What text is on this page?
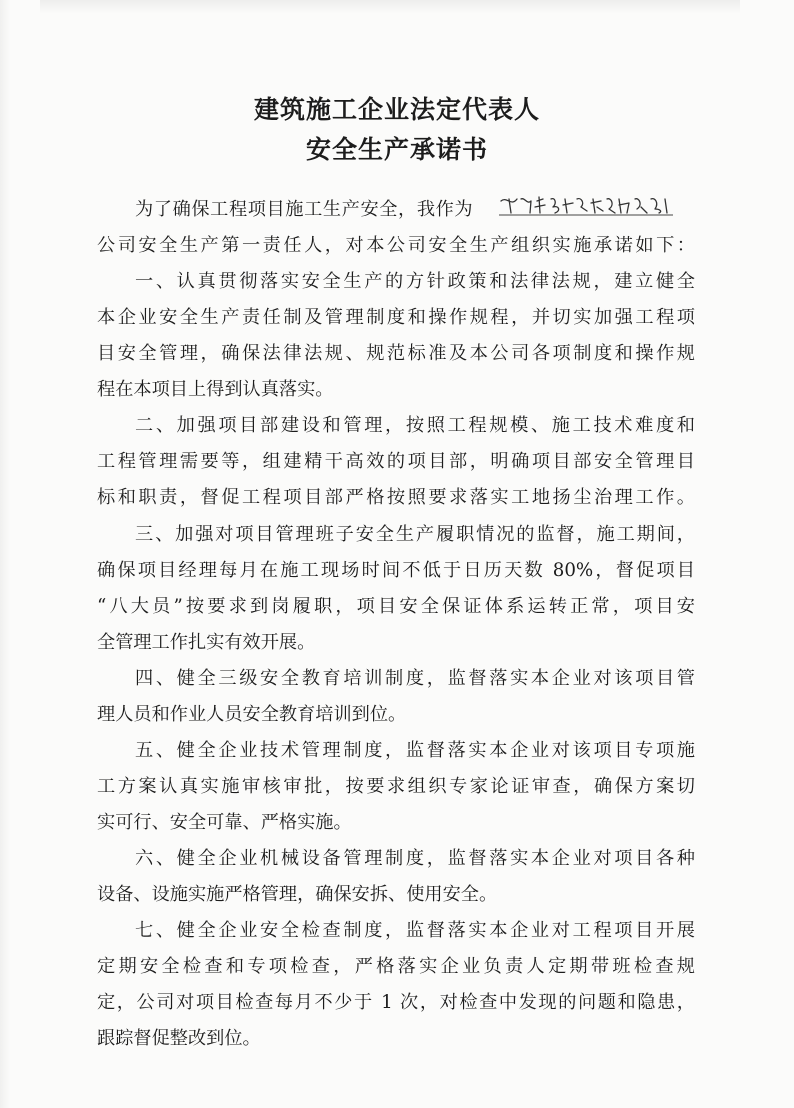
建筑施工企业法定代表人
安全生产承诺书

为了确保工程项目施工生产安全，我作为

公司安全生产第一责任人，对本公司安全生产组织实施承诺如下：

一、认真贯彻落实安全生产的方针政策和法律法规，建立健全

本企业安全生产责任制及管理制度和操作规程，并切实加强工程项

目安全管理，确保法律法规、规范标准及本公司各项制度和操作规

程在本项目上得到认真落实。

二、加强项目部建设和管理，按照工程规模、施工技术难度和

工程管理需要等，组建精干高效的项目部，明确项目部安全管理目

标和职责，督促工程项目部严格按照要求落实工地扬尘治理工作。

三、加强对项目管理班子安全生产履职情况的监督，施工期间，

确保项目经理每月在施工现场时间不低于日历天数 80%，督促项目

“八大员”按要求到岗履职，项目安全保证体系运转正常，项目安

全管理工作扎实有效开展。

四、健全三级安全教育培训制度，监督落实本企业对该项目管

理人员和作业人员安全教育培训到位。

五、健全企业技术管理制度，监督落实本企业对该项目专项施

工方案认真实施审核审批，按要求组织专家论证审查，确保方案切

实可行、安全可靠、严格实施。

六、健全企业机械设备管理制度，监督落实本企业对项目各种

设备、设施实施严格管理，确保安拆、使用安全。

七、健全企业安全检查制度，监督落实本企业对工程项目开展

定期安全检查和专项检查，严格落实企业负责人定期带班检查规

定，公司对项目检查每月不少于 1 次，对检查中发现的问题和隐患，

跟踪督促整改到位。
